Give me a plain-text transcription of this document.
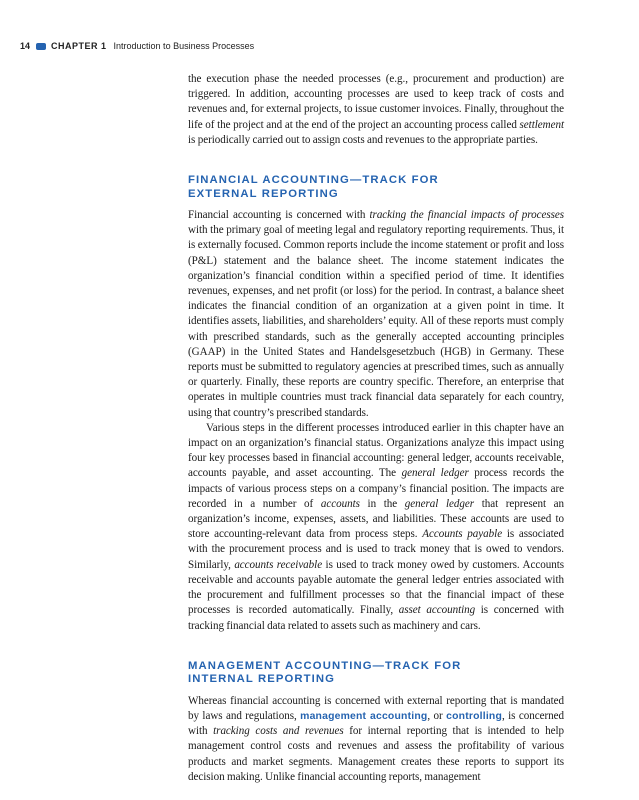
14 CHAPTER 1 Introduction to Business Processes

the execution phase the needed processes (e.g., procurement and production) are triggered. In addition, accounting processes are used to keep track of costs and revenues and, for external projects, to issue customer invoices. Finally, throughout the life of the project and at the end of the project an accounting process called settlement is periodically carried out to assign costs and revenues to the appropriate parties.

FINANCIAL ACCOUNTING—TRACK FOR
EXTERNAL REPORTING

Financial accounting is concerned with tracking the financial impacts of processes with the primary goal of meeting legal and regulatory reporting requirements. Thus, it is externally focused. Common reports include the income statement or profit and loss (P&L) statement and the balance sheet. The income statement indicates the organization’s financial condition within a specified period of time. It identifies revenues, expenses, and net profit (or loss) for the period. In contrast, a balance sheet indicates the financial condition of an organization at a given point in time. It identifies assets, liabilities, and shareholders’ equity. All of these reports must comply with prescribed standards, such as the generally accepted accounting principles (GAAP) in the United States and Handelsgesetzbuch (HGB) in Germany. These reports must be submitted to regulatory agencies at prescribed times, such as annually or quarterly. Finally, these reports are country specific. Therefore, an enterprise that operates in multiple countries must track financial data separately for each country, using that country’s prescribed standards.

Various steps in the different processes introduced earlier in this chapter have an impact on an organization’s financial status. Organizations analyze this impact using four key processes based in financial accounting: general ledger, accounts receivable, accounts payable, and asset accounting. The general ledger process records the impacts of various process steps on a company’s financial position. The impacts are recorded in a number of accounts in the general ledger that represent an organization’s income, expenses, assets, and liabilities. These accounts are used to store accounting-relevant data from process steps. Accounts payable is associated with the procurement process and is used to track money that is owed to vendors. Similarly, accounts receivable is used to track money owed by customers. Accounts receivable and accounts payable automate the general ledger entries associated with the procurement and fulfillment processes so that the financial impact of these processes is recorded automatically. Finally, asset accounting is concerned with tracking financial data related to assets such as machinery and cars.

MANAGEMENT ACCOUNTING—TRACK FOR
INTERNAL REPORTING

Whereas financial accounting is concerned with external reporting that is mandated by laws and regulations, management accounting, or controlling, is concerned with tracking costs and revenues for internal reporting that is intended to help management control costs and revenues and assess the profitability of various products and market segments. Management creates these reports to support its decision making. Unlike financial accounting reports, management
